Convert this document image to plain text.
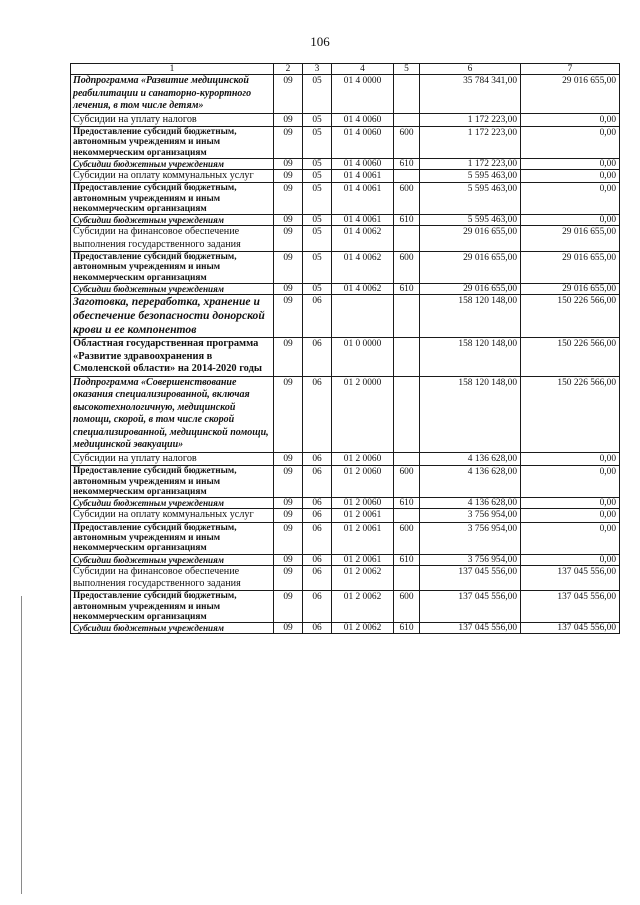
106
1	2	3	4	5	6	7
Подпрограмма «Развитие медицинской реабилитации и санаторно-курортного лечения, в том числе детям»	09	05	01 4 0000		35 784 341,00	29 016 655,00
Субсидии на уплату налогов	09	05	01 4 0060		1 172 223,00	0,00
Предоставление субсидий бюджетным, автономным учреждениям и иным некоммерческим организациям	09	05	01 4 0060	600	1 172 223,00	0,00
Субсидии бюджетным учреждениям	09	05	01 4 0060	610	1 172 223,00	0,00
Субсидии на оплату коммунальных услуг	09	05	01 4 0061		5 595 463,00	0,00
Предоставление субсидий бюджетным, автономным учреждениям и иным некоммерческим организациям	09	05	01 4 0061	600	5 595 463,00	0,00
Субсидии бюджетным учреждениям	09	05	01 4 0061	610	5 595 463,00	0,00
Субсидии на финансовое обеспечение выполнения государственного задания	09	05	01 4 0062		29 016 655,00	29 016 655,00
Предоставление субсидий бюджетным, автономным учреждениям и иным некоммерческим организациям	09	05	01 4 0062	600	29 016 655,00	29 016 655,00
Субсидии бюджетным учреждениям	09	05	01 4 0062	610	29 016 655,00	29 016 655,00
Заготовка, переработка, хранение и обеспечение безопасности донорской крови и ее компонентов	09	06			158 120 148,00	150 226 566,00
Областная государственная программа «Развитие здравоохранения в Смоленской области» на 2014-2020 годы	09	06	01 0 0000		158 120 148,00	150 226 566,00
Подпрограмма «Совершенствование оказания специализированной, включая высокотехнологичную, медицинской помощи, скорой, в том числе скорой специализированной, медицинской помощи, медицинской эвакуации»	09	06	01 2 0000		158 120 148,00	150 226 566,00
Субсидии на уплату налогов	09	06	01 2 0060		4 136 628,00	0,00
Предоставление субсидий бюджетным, автономным учреждениям и иным некоммерческим организациям	09	06	01 2 0060	600	4 136 628,00	0,00
Субсидии бюджетным учреждениям	09	06	01 2 0060	610	4 136 628,00	0,00
Субсидии на оплату коммунальных услуг	09	06	01 2 0061		3 756 954,00	0,00
Предоставление субсидий бюджетным, автономным учреждениям и иным некоммерческим организациям	09	06	01 2 0061	600	3 756 954,00	0,00
Субсидии бюджетным учреждениям	09	06	01 2 0061	610	3 756 954,00	0,00
Субсидии на финансовое обеспечение выполнения государственного задания	09	06	01 2 0062		137 045 556,00	137 045 556,00
Предоставление субсидий бюджетным, автономным учреждениям и иным некоммерческим организациям	09	06	01 2 0062	600	137 045 556,00	137 045 556,00
Субсидии бюджетным учреждениям	09	06	01 2 0062	610	137 045 556,00	137 045 556,00
